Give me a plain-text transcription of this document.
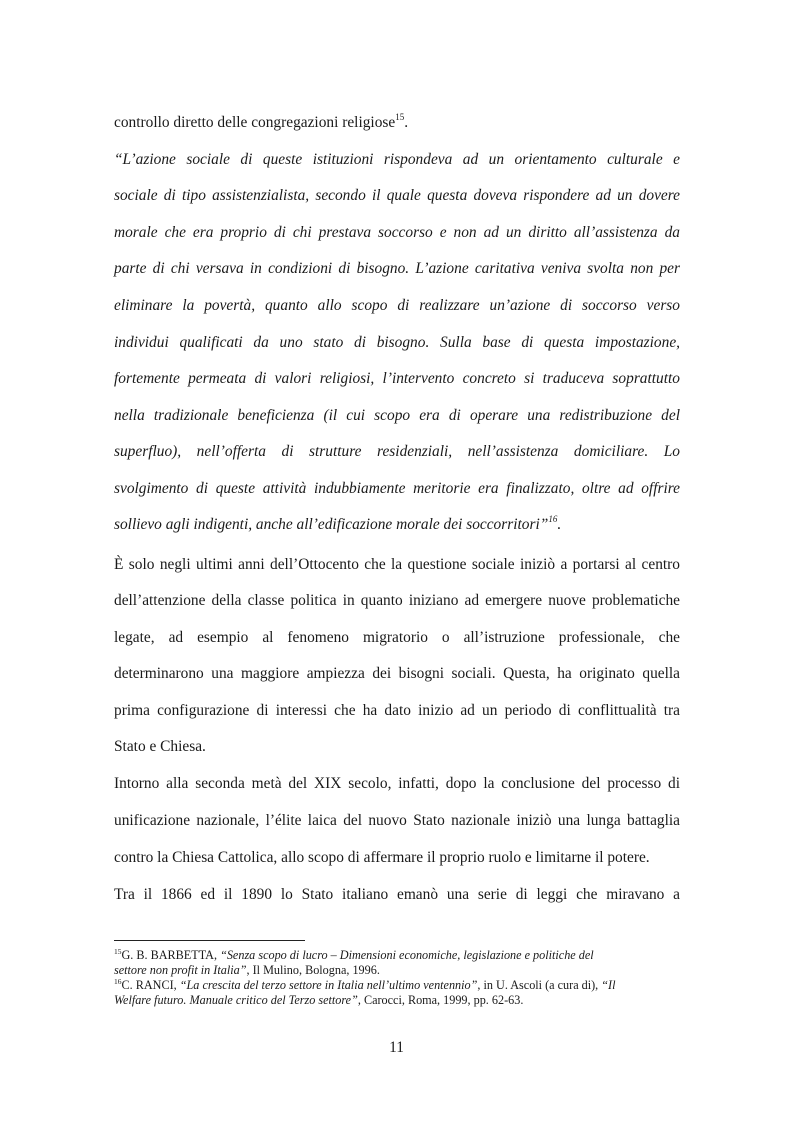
controllo diretto delle congregazioni religiose$^{15}$.
“L’azione sociale di queste istituzioni rispondeva ad un orientamento culturale e
sociale di tipo assistenzialista, secondo il quale questa doveva rispondere ad un dovere
morale che era proprio di chi prestava soccorso e non ad un diritto all’assistenza da
parte di chi versava in condizioni di bisogno. L’azione caritativa veniva svolta non per
eliminare la povertà, quanto allo scopo di realizzare un’azione di soccorso verso
individui qualificati da uno stato di bisogno. Sulla base di questa impostazione,
fortemente permeata di valori religiosi, l’intervento concreto si traduceva soprattutto
nella tradizionale beneficienza (il cui scopo era di operare una redistribuzione del
superfluo), nell’offerta di strutture residenziali, nell’assistenza domiciliare. Lo
svolgimento di queste attività indubbiamente meritorie era finalizzato, oltre ad offrire
sollievo agli indigenti, anche all’edificazione morale dei soccorritori”$^{16}$.
È solo negli ultimi anni dell’Ottocento che la questione sociale iniziò a portarsi al centro
dell’attenzione della classe politica in quanto iniziano ad emergere nuove problematiche
legate, ad esempio al fenomeno migratorio o all’istruzione professionale, che
determinarono una maggiore ampiezza dei bisogni sociali. Questa, ha originato quella
prima configurazione di interessi che ha dato inizio ad un periodo di conflittualità tra
Stato e Chiesa.
Intorno alla seconda metà del XIX secolo, infatti, dopo la conclusione del processo di
unificazione nazionale, l’élite laica del nuovo Stato nazionale iniziò una lunga battaglia
contro la Chiesa Cattolica, allo scopo di affermare il proprio ruolo e limitarne il potere.
Tra il 1866 ed il 1890 lo Stato italiano emanò una serie di leggi che miravano a
$^{15}$G. B. BARBETTA, “Senza scopo di lucro – Dimensioni economiche, legislazione e politiche del
settore non profit in Italia”, Il Mulino, Bologna, 1996.
$^{16}$C. RANCI, “La crescita del terzo settore in Italia nell’ultimo ventennio”, in U. Ascoli (a cura di), “Il
Welfare futuro. Manuale critico del Terzo settore”, Carocci, Roma, 1999, pp. 62-63.
11
